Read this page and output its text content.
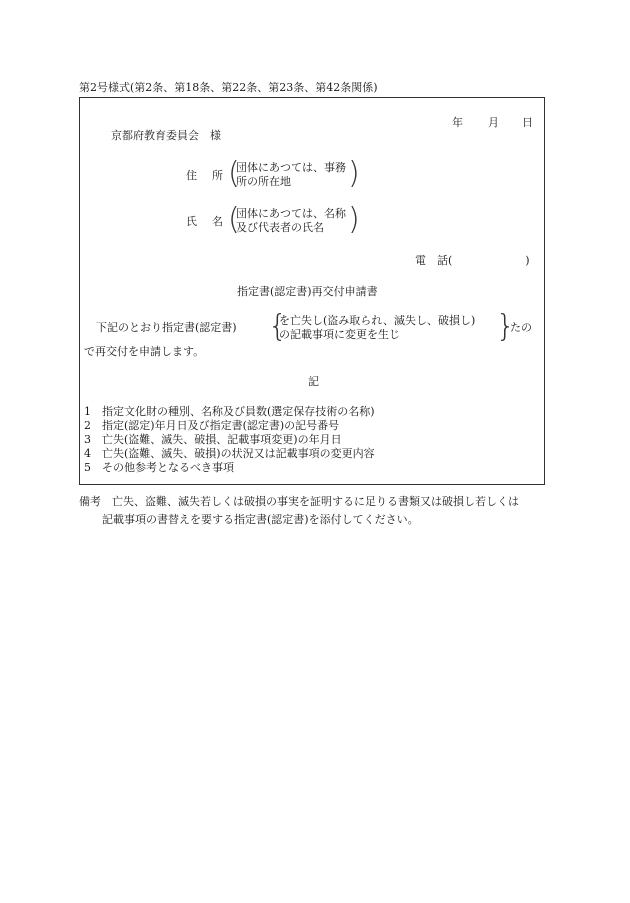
第2号様式(第2条、第18条、第22条、第23条、第42条関係)
年 月 日
京都府教育委員会　様
住 所 (
団体にあつては、事務
所の所在地	)
氏 名 (
団体にあつては、名称
及び代表者の氏名 )
電　話(	)
指定書(認定書)再交付申請書
下記のとおり指定書(認定書) {
を亡失し(盗み取られ、滅失し、破損し)
の記載事項に変更を生じ	}
たの
で再交付を申請します。
記
1 指定文化財の種別、名称及び員数(選定保存技術の名称)
2 指定(認定)年月日及び指定書(認定書)の記号番号
3 亡失(盗難、滅失、破損、記載事項変更)の年月日
4 亡失(盗難、滅失、破損)の状況又は記載事項の変更内容
5 その他参考となるべき事項
備考　亡失、盗難、滅失若しくは破損の事実を証明するに足りる書類又は破損し若しくは
記載事項の書替えを要する指定書(認定書)を添付してください。
